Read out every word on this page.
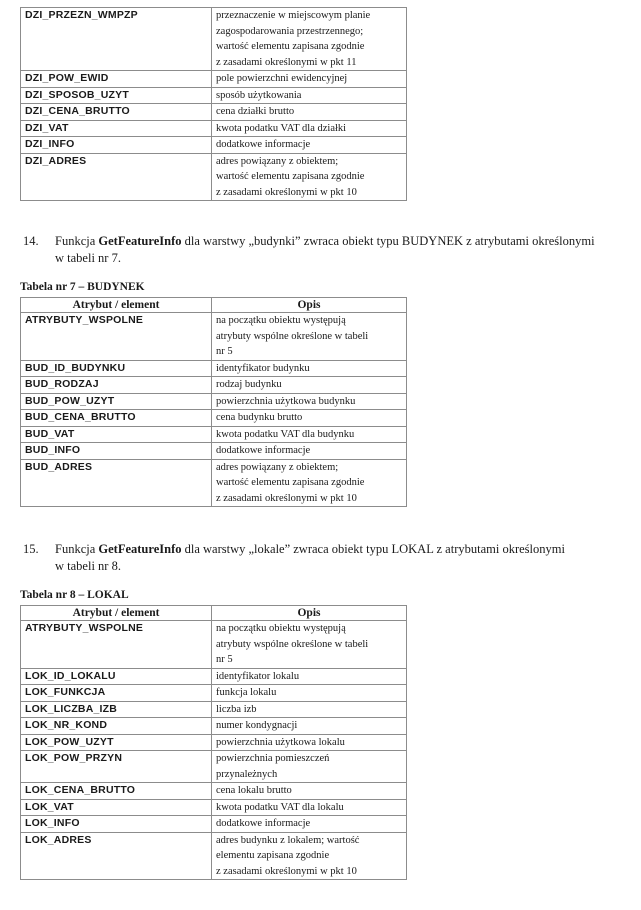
DZI_PRZEZN_WMPZP	przeznaczenie w miejscowym planie
zagospodarowania przestrzennego;
wartość elementu zapisana zgodnie
z zasadami określonymi w pkt 11

DZI_POW_EWID	pole powierzchni ewidencyjnej

DZI_SPOSOB_UZYT	sposób użytkowania

DZI_CENA_BRUTTO	cena działki brutto

DZI_VAT	kwota podatku VAT dla działki

DZI_INFO	dodatkowe informacje

DZI_ADRES	adres powiązany z obiektem;
wartość elementu zapisana zgodnie
z zasadami określonymi w pkt 10
14. Funkcja GetFeatureInfo dla warstwy „budynki” zwraca obiekt typu BUDYNEK z atrybutami określonymi
w tabeli nr 7.
Tabela nr 7 – BUDYNEK
Atrybut / element	Opis
ATRYBUTY_WSPOLNE	na początku obiektu występują
atrybuty wspólne określone w tabeli
nr 5

BUD_ID_BUDYNKU	identyfikator budynku

BUD_RODZAJ	rodzaj budynku

BUD_POW_UZYT	powierzchnia użytkowa budynku

BUD_CENA_BRUTTO	cena budynku brutto

BUD_VAT	kwota podatku VAT dla budynku

BUD_INFO	dodatkowe informacje

BUD_ADRES	adres powiązany z obiektem;
wartość elementu zapisana zgodnie
z zasadami określonymi w pkt 10
15. Funkcja GetFeatureInfo dla warstwy „lokale” zwraca obiekt typu LOKAL z atrybutami określonymi
w tabeli nr 8.
Tabela nr 8 – LOKAL
Atrybut / element	Opis
ATRYBUTY_WSPOLNE	na początku obiektu występują
atrybuty wspólne określone w tabeli
nr 5

LOK_ID_LOKALU	identyfikator lokalu

LOK_FUNKCJA	funkcja lokalu

LOK_LICZBA_IZB	liczba izb

LOK_NR_KOND	numer kondygnacji

LOK_POW_UZYT	powierzchnia użytkowa lokalu

LOK_POW_PRZYN	powierzchnia pomieszczeń
przynależnych

LOK_CENA_BRUTTO	cena lokalu brutto

LOK_VAT	kwota podatku VAT dla lokalu

LOK_INFO	dodatkowe informacje

LOK_ADRES	adres budynku z lokalem; wartość
elementu zapisana zgodnie
z zasadami określonymi w pkt 10
